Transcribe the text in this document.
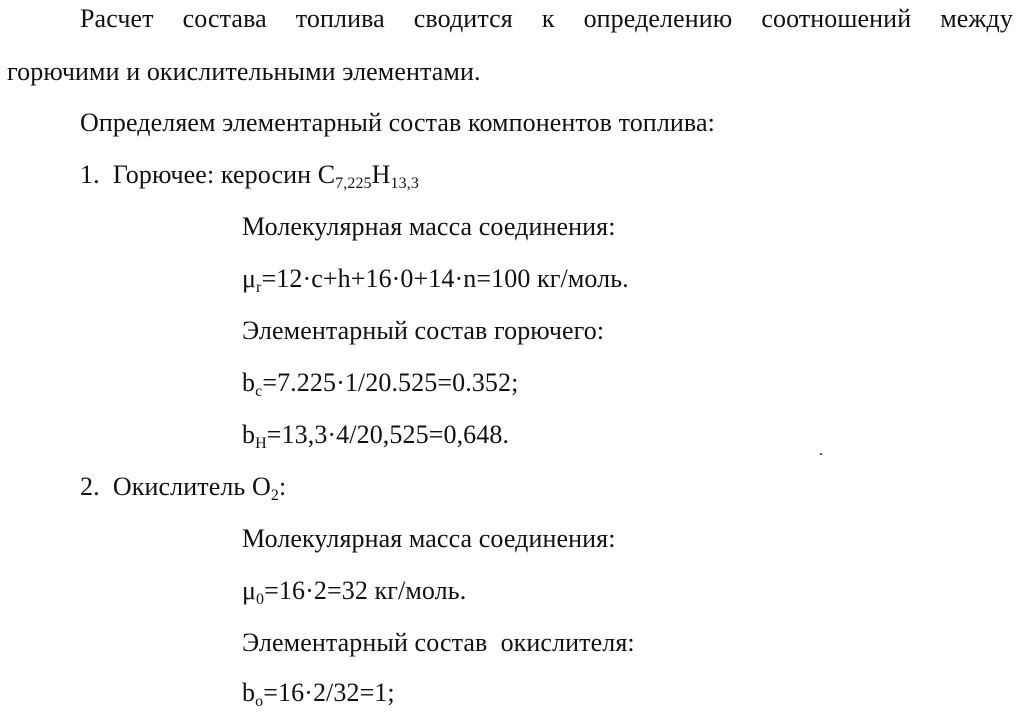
Расчет состава топлива сводится к определению соотношений между
горючими и окислительными элементами.
Определяем элементарный состав компонентов топлива:
1. Горючее: керосин $C_{7,225}H_{13,3}$
Молекулярная масса соединения:
$\mu_r=12\cdot c+h+16\cdot 0+14\cdot n=100$ кг/моль.
Элементарный состав горючего:
$b_c=7.225\cdot 1/20.525=0.352$;
$b_H=13,3\cdot 4/20,525=0,648$.
2. Окислитель $O_2$:
Молекулярная масса соединения:
$\mu_0=16\cdot 2=32$ кг/моль.
Элементарный состав  окислителя:
$b_o=16\cdot 2/32=1$;
